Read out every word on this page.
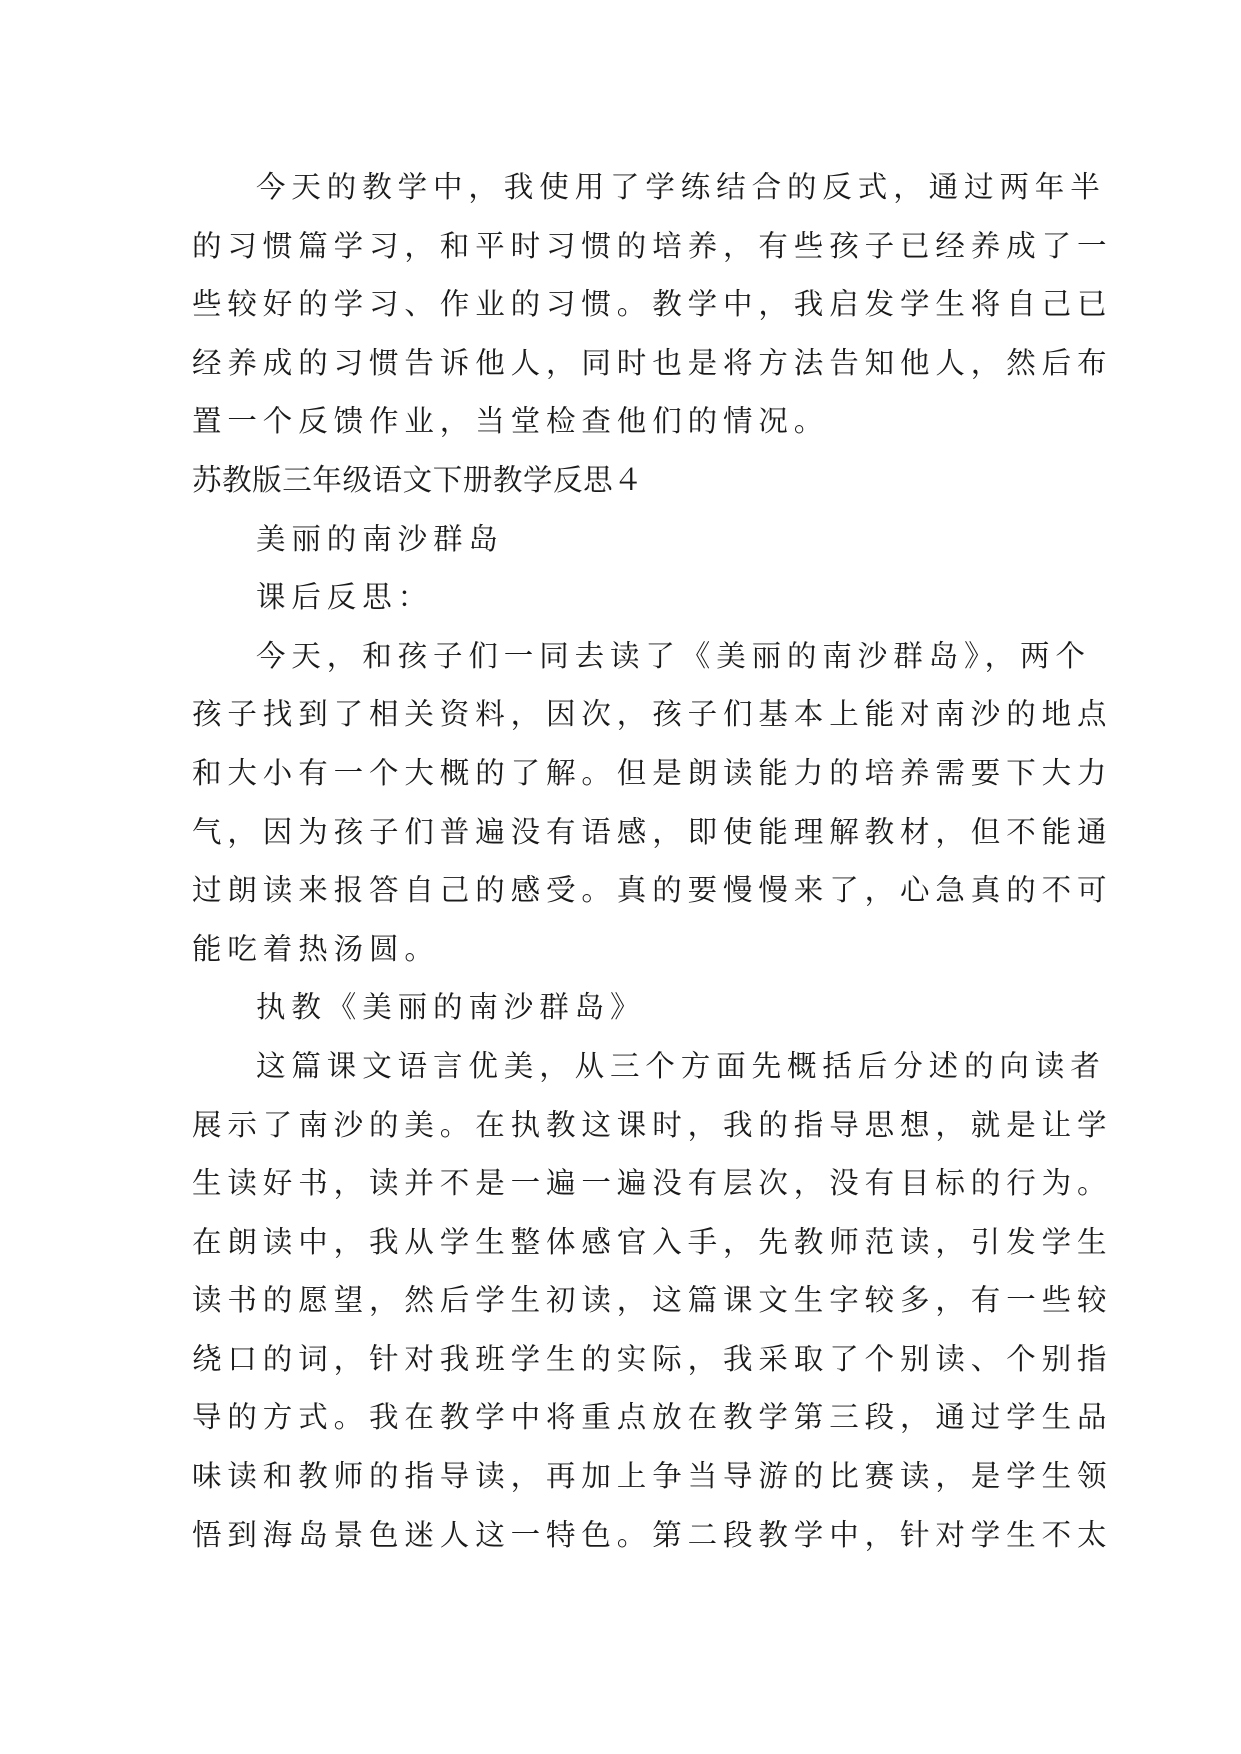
今天的教学中，我使用了学练结合的反式，通过两年半
的习惯篇学习，和平时习惯的培养，有些孩子已经养成了一
些较好的学习、作业的习惯。教学中，我启发学生将自己已
经养成的习惯告诉他人，同时也是将方法告知他人，然后布
置一个反馈作业，当堂检查他们的情况。
苏教版三年级语文下册教学反思４
美丽的南沙群岛
课后反思：
今天，和孩子们一同去读了《美丽的南沙群岛》，两个
孩子找到了相关资料，因次，孩子们基本上能对南沙的地点
和大小有一个大概的了解。但是朗读能力的培养需要下大力
气，因为孩子们普遍没有语感，即使能理解教材，但不能通
过朗读来报答自己的感受。真的要慢慢来了，心急真的不可
能吃着热汤圆。
执教《美丽的南沙群岛》
这篇课文语言优美，从三个方面先概括后分述的向读者
展示了南沙的美。在执教这课时，我的指导思想，就是让学
生读好书，读并不是一遍一遍没有层次，没有目标的行为。
在朗读中，我从学生整体感官入手，先教师范读，引发学生
读书的愿望，然后学生初读，这篇课文生字较多，有一些较
绕口的词，针对我班学生的实际，我采取了个别读、个别指
导的方式。我在教学中将重点放在教学第三段，通过学生品
味读和教师的指导读，再加上争当导游的比赛读，是学生领
悟到海岛景色迷人这一特色。第二段教学中，针对学生不太
